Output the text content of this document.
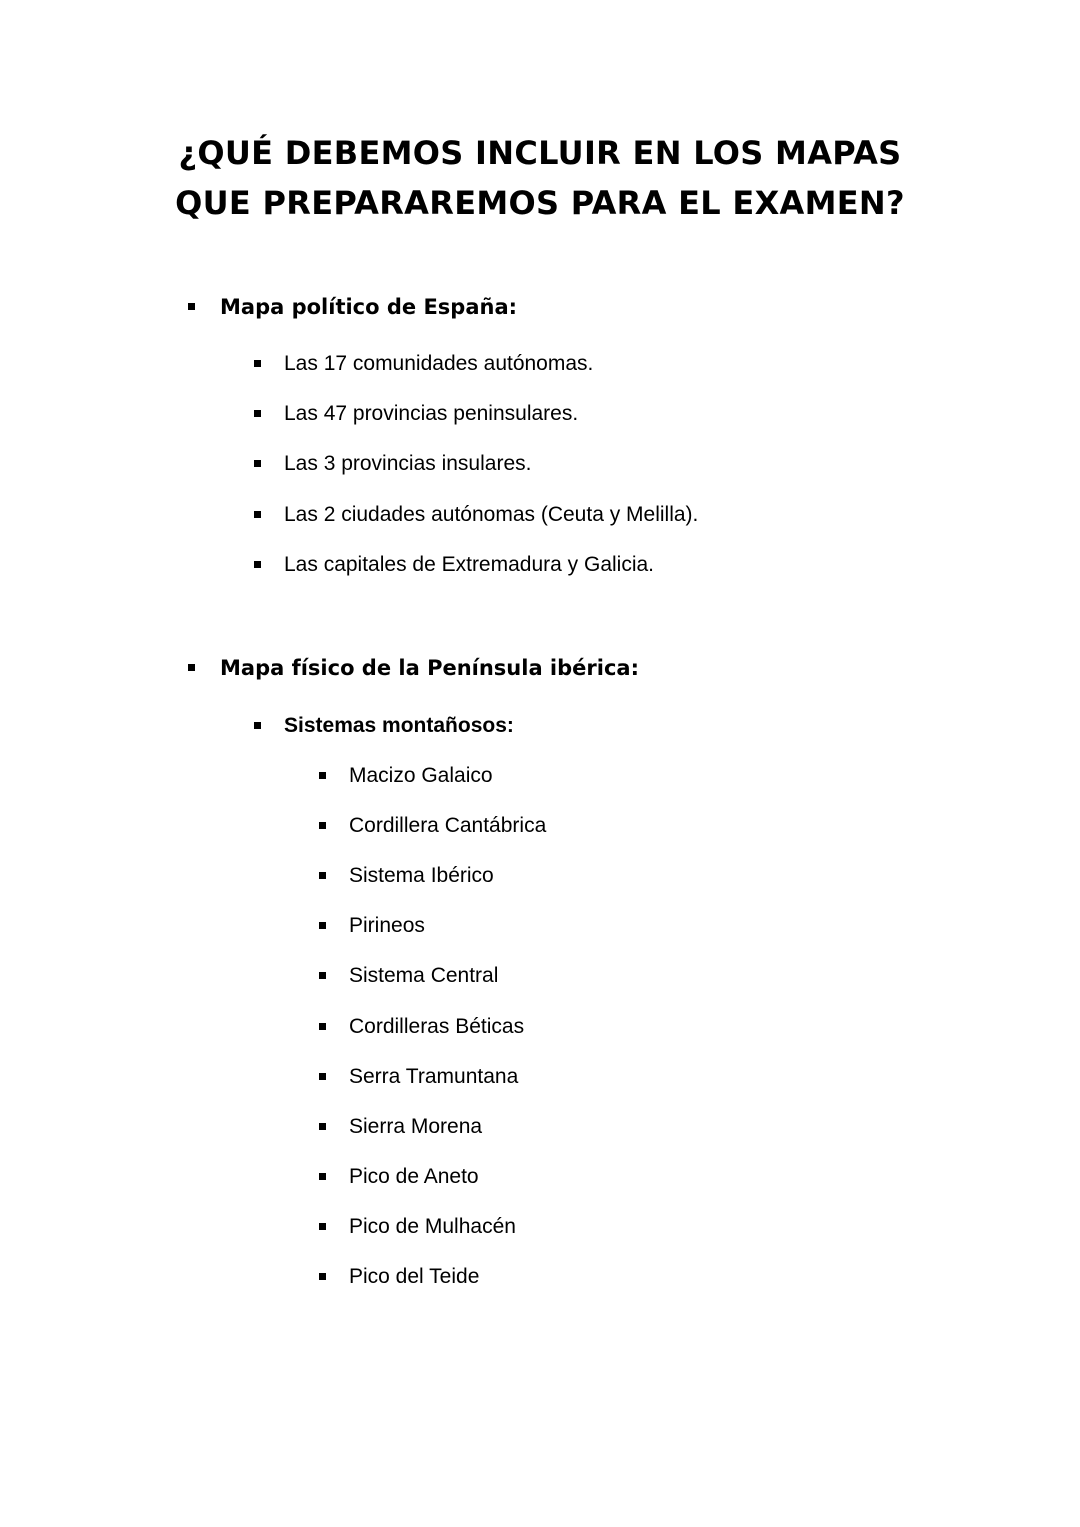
¿QUÉ DEBEMOS INCLUIR EN LOS MAPAS
QUE PREPARAREMOS PARA EL EXAMEN?
Mapa político de España:
Las 17 comunidades autónomas.
Las 47 provincias peninsulares.
Las 3 provincias insulares.
Las 2 ciudades autónomas (Ceuta y Melilla).
Las capitales de Extremadura y Galicia.
Mapa físico de la Península ibérica:
Sistemas montañosos:
Macizo Galaico
Cordillera Cantábrica
Sistema Ibérico
Pirineos
Sistema Central
Cordilleras Béticas
Serra Tramuntana
Sierra Morena
Pico de Aneto
Pico de Mulhacén
Pico del Teide
